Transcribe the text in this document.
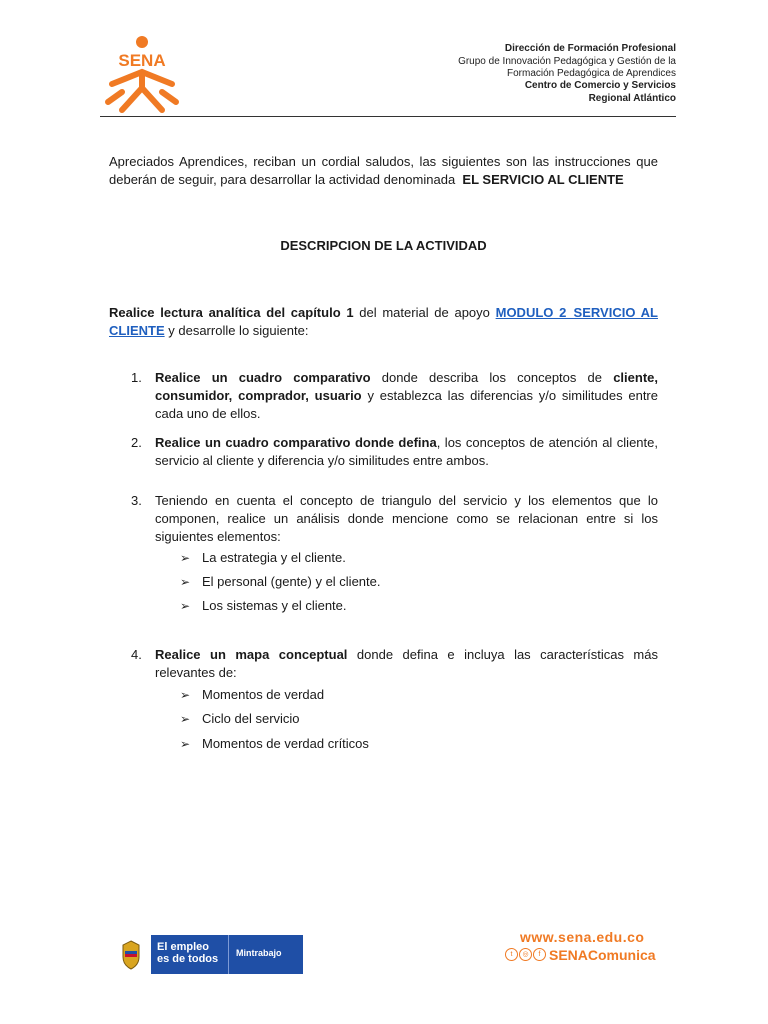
SENA
Dirección de Formación Profesional
Grupo de Innovación Pedagógica y Gestión de la
Formación Pedagógica de Aprendices
Centro de Comercio y Servicios
Regional Atlántico
Apreciados Aprendices, reciban un cordial saludos, las siguientes son las instrucciones que deberán de seguir, para desarrollar la actividad denominada EL SERVICIO AL CLIENTE
DESCRIPCION DE LA ACTIVIDAD
Realice lectura analítica del capítulo 1 del material de apoyo MODULO 2_SERVICIO AL CLIENTE y desarrolle lo siguiente:
1. Realice un cuadro comparativo donde describa los conceptos de cliente, consumidor, comprador, usuario y establezca las diferencias y/o similitudes entre cada uno de ellos.
2. Realice un cuadro comparativo donde defina, los conceptos de atención al cliente, servicio al cliente y diferencia y/o similitudes entre ambos.
3. Teniendo en cuenta el concepto de triangulo del servicio y los elementos que lo componen, realice un análisis donde mencione como se relacionan entre si los siguientes elementos:
➢ La estrategia y el cliente.
➢ El personal (gente) y el cliente.
➢ Los sistemas y el cliente.
4. Realice un mapa conceptual donde defina e incluya las características más relevantes de:
➢ Momentos de verdad
➢ Ciclo del servicio
➢ Momentos de verdad críticos
El empleo
es de todos Mintrabajo
www.sena.edu.co
t ◎ f SENAComunica
